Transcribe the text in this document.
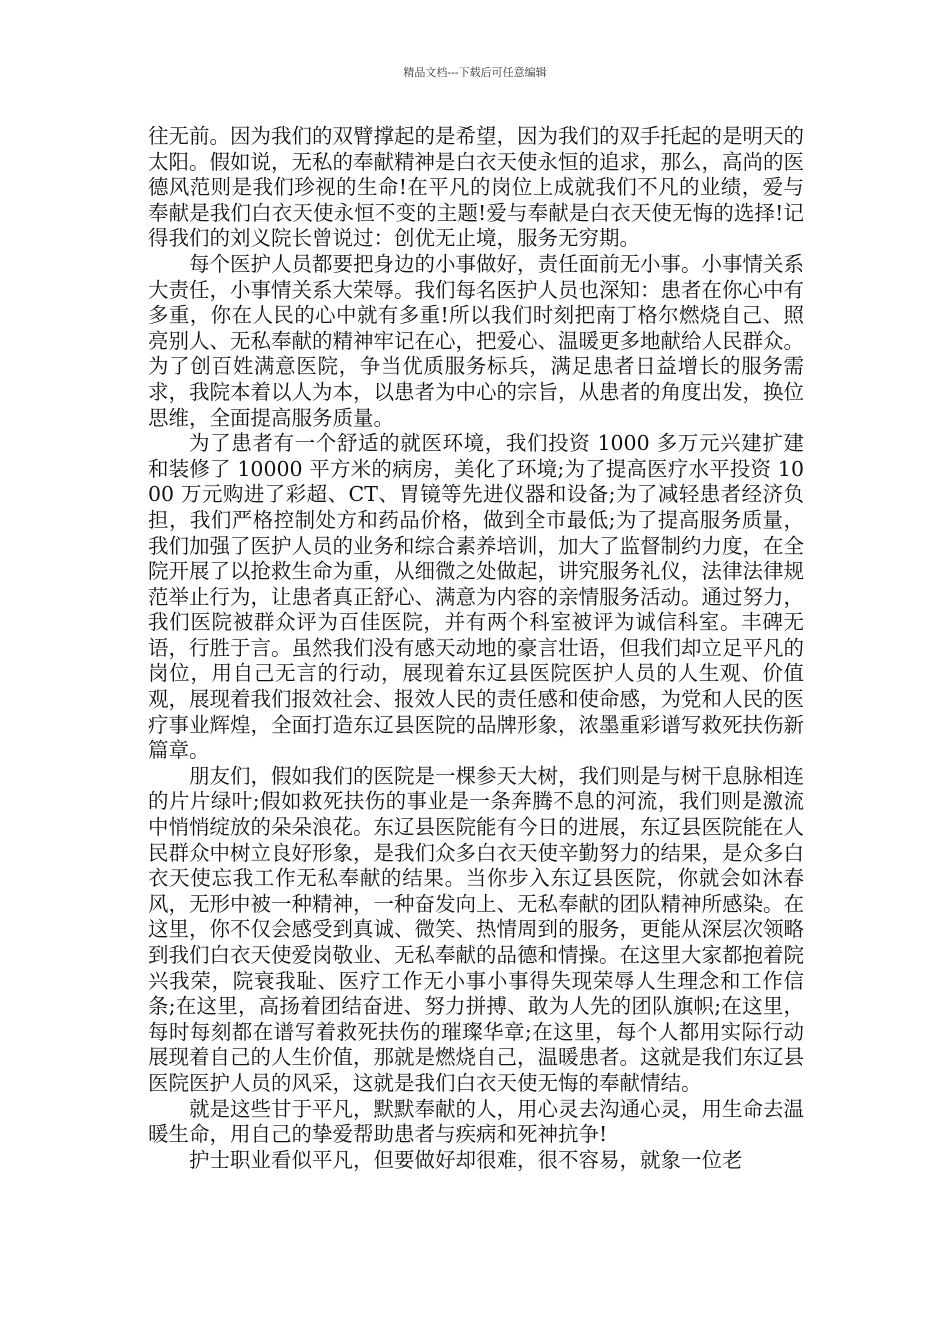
精品文档---下载后可任意编辑

往无前。因为我们的双臂撑起的是希望，因为我们的双手托起的是明天的太阳。假如说，无私的奉献精神是白衣天使永恒的追求，那么，高尚的医德风范则是我们珍视的生命!在平凡的岗位上成就我们不凡的业绩，爱与奉献是我们白衣天使永恒不变的主题!爱与奉献是白衣天使无悔的选择!记得我们的刘义院长曾说过：创优无止境，服务无穷期。

每个医护人员都要把身边的小事做好，责任面前无小事。小事情关系大责任，小事情关系大荣辱。我们每名医护人员也深知：患者在你心中有多重，你在人民的心中就有多重!所以我们时刻把南丁格尔燃烧自己、照亮别人、无私奉献的精神牢记在心，把爱心、温暖更多地献给人民群众。为了创百姓满意医院，争当优质服务标兵，满足患者日益增长的服务需求，我院本着以人为本，以患者为中心的宗旨，从患者的角度出发，换位思维，全面提高服务质量。

为了患者有一个舒适的就医环境，我们投资 1000 多万元兴建扩建和装修了 10000 平方米的病房，美化了环境;为了提高医疗水平投资 1000 万元购进了彩超、CT、胃镜等先进仪器和设备;为了减轻患者经济负担，我们严格控制处方和药品价格，做到全市最低;为了提高服务质量，我们加强了医护人员的业务和综合素养培训，加大了监督制约力度，在全院开展了以抢救生命为重，从细微之处做起，讲究服务礼仪，法律法律规范举止行为，让患者真正舒心、满意为内容的亲情服务活动。通过努力，我们医院被群众评为百佳医院，并有两个科室被评为诚信科室。丰碑无语，行胜于言。虽然我们没有感天动地的豪言壮语，但我们却立足平凡的岗位，用自己无言的行动，展现着东辽县医院医护人员的人生观、价值观，展现着我们报效社会、报效人民的责任感和使命感，为党和人民的医疗事业辉煌，全面打造东辽县医院的品牌形象，浓墨重彩谱写救死扶伤新篇章。

朋友们，假如我们的医院是一棵参天大树，我们则是与树干息脉相连的片片绿叶;假如救死扶伤的事业是一条奔腾不息的河流，我们则是激流中悄悄绽放的朵朵浪花。东辽县医院能有今日的进展，东辽县医院能在人民群众中树立良好形象，是我们众多白衣天使辛勤努力的结果，是众多白衣天使忘我工作无私奉献的结果。当你步入东辽县医院，你就会如沐春风，无形中被一种精神，一种奋发向上、无私奉献的团队精神所感染。在这里，你不仅会感受到真诚、微笑、热情周到的服务，更能从深层次领略到我们白衣天使爱岗敬业、无私奉献的品德和情操。在这里大家都抱着院兴我荣，院衰我耻、医疗工作无小事小事得失现荣辱人生理念和工作信条;在这里，高扬着团结奋进、努力拼搏、敢为人先的团队旗帜;在这里，每时每刻都在谱写着救死扶伤的璀璨华章;在这里，每个人都用实际行动展现着自己的人生价值，那就是燃烧自己，温暖患者。这就是我们东辽县医院医护人员的风采，这就是我们白衣天使无悔的奉献情结。

就是这些甘于平凡，默默奉献的人，用心灵去沟通心灵，用生命去温暖生命，用自己的挚爱帮助患者与疾病和死神抗争!

护士职业看似平凡，但要做好却很难，很不容易，就象一位老
